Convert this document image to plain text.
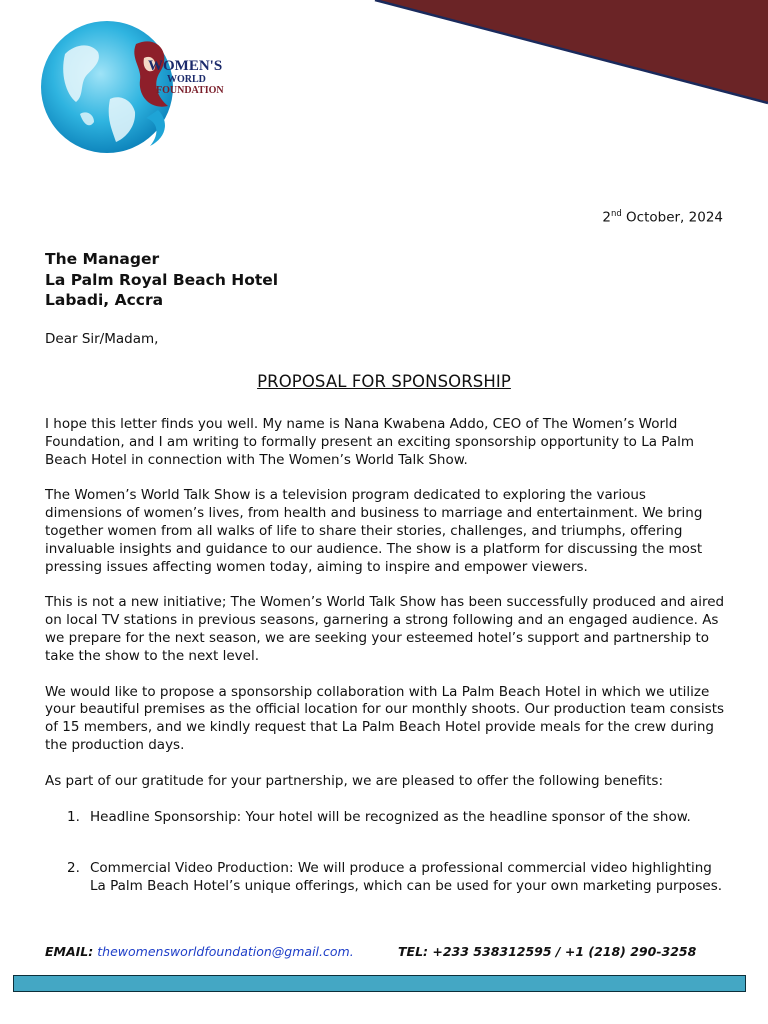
WOMEN'S
WORLD
FOUNDATION
2nd October, 2024
The Manager
La Palm Royal Beach Hotel
Labadi, Accra
Dear Sir/Madam,
PROPOSAL FOR SPONSORSHIP

I hope this letter finds you well. My name is Nana Kwabena Addo, CEO of The Women’s World Foundation, and I am writing to formally present an exciting sponsorship opportunity to La Palm Beach Hotel in connection with The Women’s World Talk Show.

The Women’s World Talk Show is a television program dedicated to exploring the various dimensions of women’s lives, from health and business to marriage and entertainment. We bring together women from all walks of life to share their stories, challenges, and triumphs, offering invaluable insights and guidance to our audience. The show is a platform for discussing the most pressing issues affecting women today, aiming to inspire and empower viewers.

This is not a new initiative; The Women’s World Talk Show has been successfully produced and aired on local TV stations in previous seasons, garnering a strong following and an engaged audience. As we prepare for the next season, we are seeking your esteemed hotel’s support and partnership to take the show to the next level.

We would like to propose a sponsorship collaboration with La Palm Beach Hotel in which we utilize your beautiful premises as the official location for our monthly shoots. Our production team consists of 15 members, and we kindly request that La Palm Beach Hotel provide meals for the crew during the production days.

As part of our gratitude for your partnership, we are pleased to offer the following benefits:

1. Headline Sponsorship: Your hotel will be recognized as the headline sponsor of the show.
2. Commercial Video Production: We will produce a professional commercial video highlighting La Palm Beach Hotel’s unique offerings, which can be used for your own marketing purposes.
EMAIL: thewomensworldfoundation@gmail.com.	TEL: +233 538312595 / +1 (218) 290-3258
